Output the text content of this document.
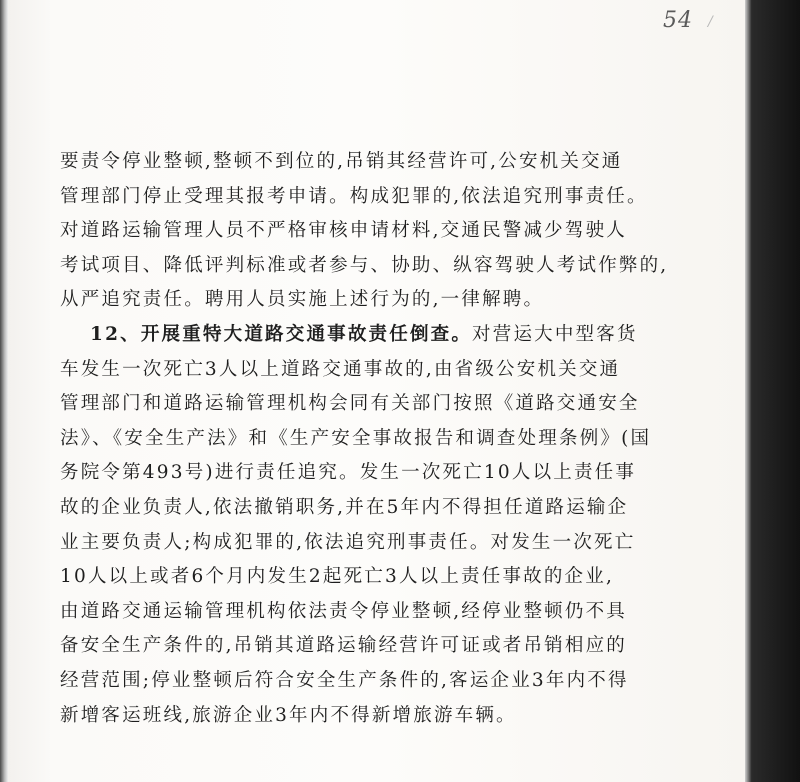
54 /
要责令停业整顿,整顿不到位的,吊销其经营许可,公安机关交通
管理部门停止受理其报考申请。构成犯罪的,依法追究刑事责任。
对道路运输管理人员不严格审核申请材料,交通民警减少驾驶人
考试项目、降低评判标准或者参与、协助、纵容驾驶人考试作弊的,
从严追究责任。聘用人员实施上述行为的,一律解聘。
12、开展重特大道路交通事故责任倒查。对营运大中型客货
车发生一次死亡3人以上道路交通事故的,由省级公安机关交通
管理部门和道路运输管理机构会同有关部门按照《道路交通安全
法》、《安全生产法》和《生产安全事故报告和调查处理条例》(国
务院令第493号)进行责任追究。发生一次死亡10人以上责任事
故的企业负责人,依法撤销职务,并在5年内不得担任道路运输企
业主要负责人;构成犯罪的,依法追究刑事责任。对发生一次死亡
10人以上或者6个月内发生2起死亡3人以上责任事故的企业,
由道路交通运输管理机构依法责令停业整顿,经停业整顿仍不具
备安全生产条件的,吊销其道路运输经营许可证或者吊销相应的
经营范围;停业整顿后符合安全生产条件的,客运企业3年内不得
新增客运班线,旅游企业3年内不得新增旅游车辆。
